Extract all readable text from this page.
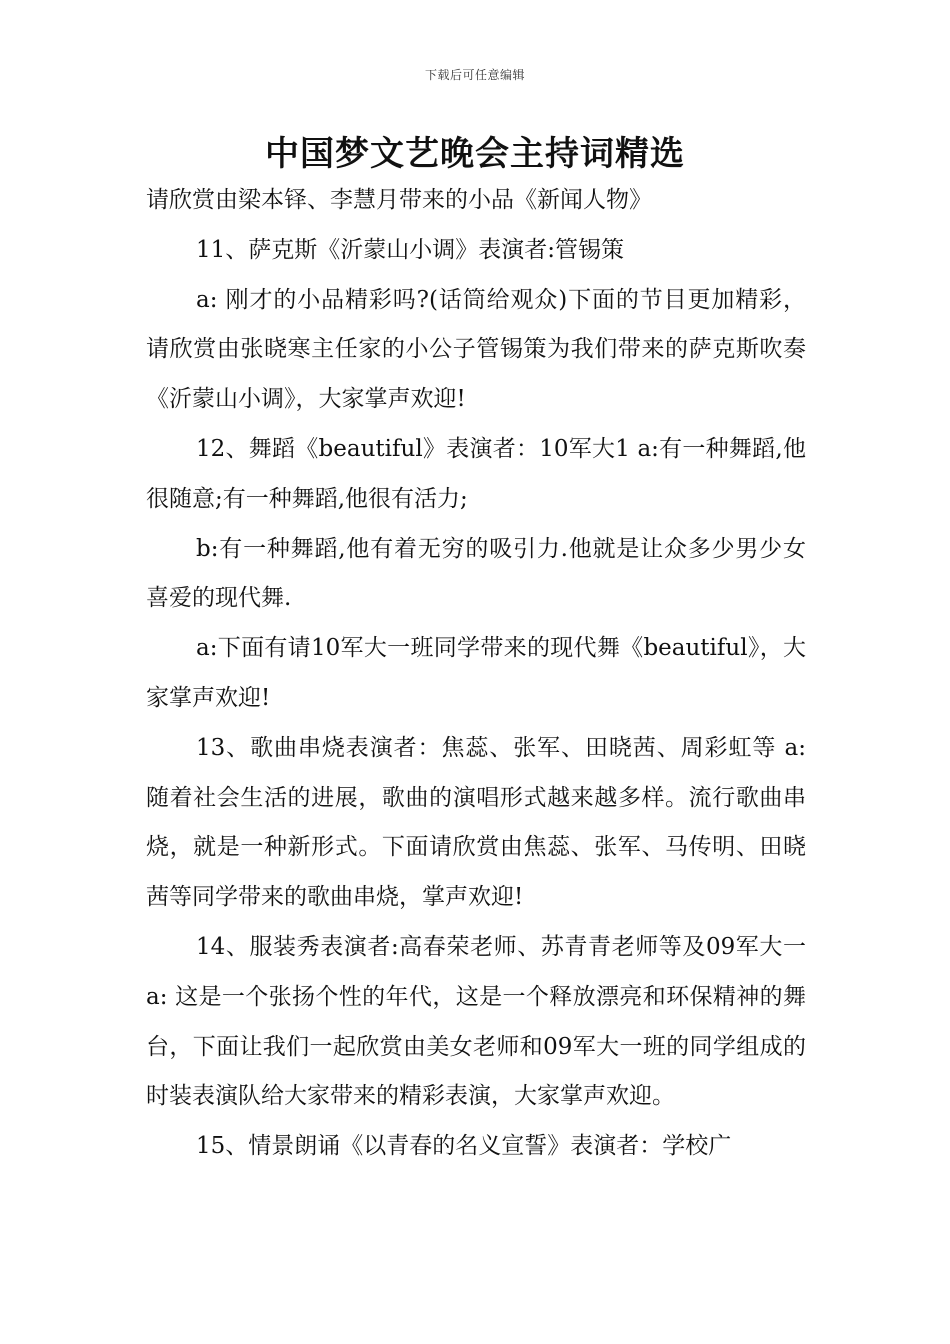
下载后可任意编辑
中国梦文艺晚会主持词精选

请欣赏由梁本铎、李慧月带来的小品《新闻人物》

11、萨克斯《沂蒙山小调》表演者:管锡策

a: 刚才的小品精彩吗?(话筒给观众)下面的节目更加精彩，请欣赏由张晓寒主任家的小公子管锡策为我们带来的萨克斯吹奏《沂蒙山小调》，大家掌声欢迎!

12、舞蹈《beautiful》表演者：10军大1 a:有一种舞蹈,他很随意;有一种舞蹈,他很有活力;

b:有一种舞蹈,他有着无穷的吸引力.他就是让众多少男少女喜爱的现代舞.

a:下面有请10军大一班同学带来的现代舞《beautiful》，大家掌声欢迎!

13、歌曲串烧表演者：焦蕊、张军、田晓茜、周彩虹等 a:随着社会生活的进展，歌曲的演唱形式越来越多样。流行歌曲串烧，就是一种新形式。下面请欣赏由焦蕊、张军、马传明、田晓茜等同学带来的歌曲串烧，掌声欢迎!

14、服装秀表演者:高春荣老师、苏青青老师等及09军大一 a: 这是一个张扬个性的年代，这是一个释放漂亮和环保精神的舞台，下面让我们一起欣赏由美女老师和09军大一班的同学组成的时装表演队给大家带来的精彩表演，大家掌声欢迎。

15、情景朗诵《以青春的名义宣誓》表演者：学校广
